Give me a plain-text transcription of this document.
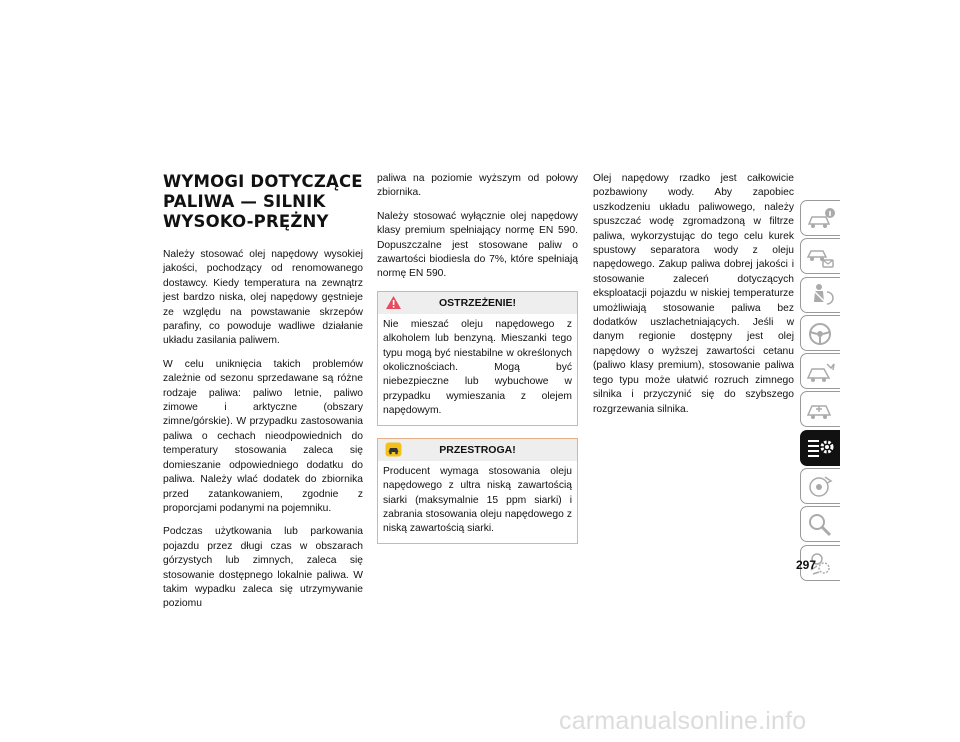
WYMOGI DOTYCZĄCE PALIWA — SILNIK WYSOKO-PRĘŻNY

Należy stosować olej napędowy wysokiej jakości, pochodzący od renomowanego dostawcy. Kiedy temperatura na zewnątrz jest bardzo niska, olej napędowy gęstnieje ze względu na powstawanie skrzepów parafiny, co powoduje wadliwe działanie układu zasilania paliwem.

W celu uniknięcia takich problemów zależnie od sezonu sprzedawane są różne rodzaje paliwa: paliwo letnie, paliwo zimowe i arktyczne (obszary zimne/górskie). W przypadku zastosowania paliwa o cechach nieodpowiednich do temperatury stosowania zaleca się domieszanie odpowiedniego dodatku do paliwa. Należy wlać dodatek do zbiornika przed zatankowaniem, zgodnie z proporcjami podanymi na pojemniku.

Podczas użytkowania lub parkowania pojazdu przez długi czas w obszarach górzystych lub zimnych, zaleca się stosowanie dostępnego lokalnie paliwa. W takim wypadku zaleca się utrzymywanie poziomu

paliwa na poziomie wyższym od połowy zbiornika.

Należy stosować wyłącznie olej napędowy klasy premium spełniający normę EN 590. Dopuszczalne jest stosowane paliw o zawartości biodiesla do 7%, które spełniają normę EN 590.

OSTRZEŻENIE!

Nie mieszać oleju napędowego z alkoholem lub benzyną. Mieszanki tego typu mogą być niestabilne w określonych okolicznościach. Mogą być niebezpieczne lub wybuchowe w przypadku wymieszania z olejem napędowym.

PRZESTROGA!

Producent wymaga stosowania oleju napędowego z ultra niską zawartością siarki (maksymalnie 15 ppm siarki) i zabrania stosowania oleju napędowego z niską zawartością siarki.

Olej napędowy rzadko jest całkowicie pozbawiony wody. Aby zapobiec uszkodzeniu układu paliwowego, należy spuszczać wodę zgromadzoną w filtrze paliwa, wykorzystując do tego celu kurek spustowy separatora wody z oleju napędowego. Zakup paliwa dobrej jakości i stosowanie zaleceń dotyczących eksploatacji pojazdu w niskiej temperaturze umożliwiają stosowanie paliwa bez dodatków uszlachetniających. Jeśli w danym regionie dostępny jest olej napędowy o wyższej zawartości cetanu (paliwo klasy premium), stosowanie paliwa tego typu może ułatwić rozruch zimnego silnika i przyczynić się do szybszego rozgrzewania silnika.

297
carmanualsonline.info
